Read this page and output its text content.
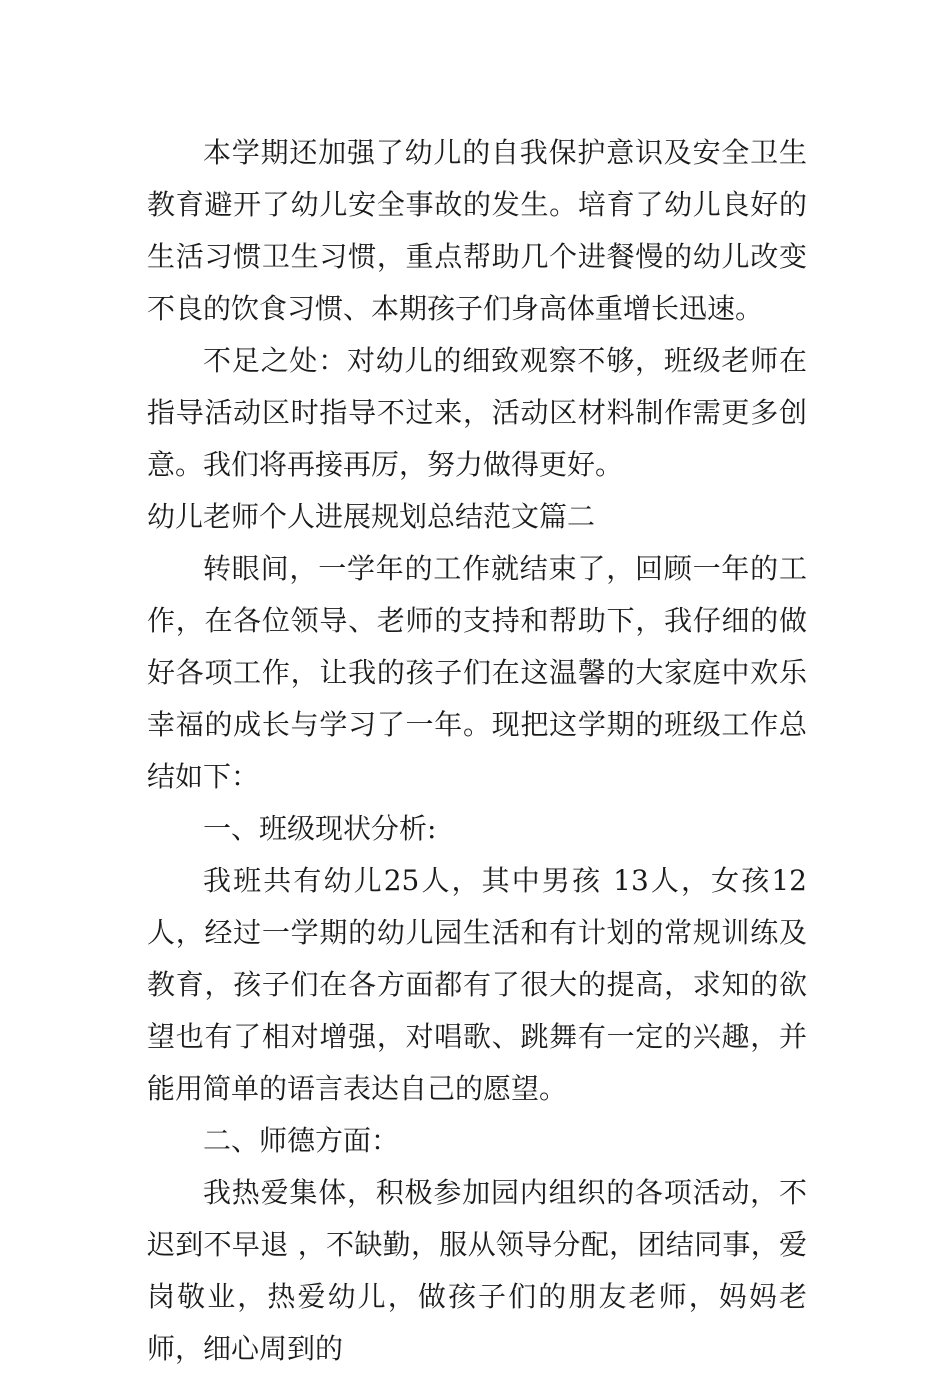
本学期还加强了幼儿的自我保护意识及安全卫生教育避开了幼儿安全事故的发生。培育了幼儿良好的生活习惯卫生习惯，重点帮助几个进餐慢的幼儿改变不良的饮食习惯、本期孩子们身高体重增长迅速。

不足之处：对幼儿的细致观察不够，班级老师在指导活动区时指导不过来，活动区材料制作需更多创意。我们将再接再厉，努力做得更好。

幼儿老师个人进展规划总结范文篇二

转眼间，一学年的工作就结束了，回顾一年的工作，在各位领导、老师的支持和帮助下，我仔细的做好各项工作，让我的孩子们在这温馨的大家庭中欢乐幸福的成长与学习了一年。现把这学期的班级工作总结如下：

一、班级现状分析:

我班共有幼儿25人，其中男孩 13人，女孩12人，经过一学期的幼儿园生活和有计划的常规训练及教育，孩子们在各方面都有了很大的提高，求知的欲望也有了相对增强，对唱歌、跳舞有一定的兴趣，并能用简单的语言表达自己的愿望。

二、师德方面：

我热爱集体，积极参加园内组织的各项活动，不迟到不早退 ，不缺勤，服从领导分配，团结同事，爱岗敬业，热爱幼儿，做孩子们的朋友老师，妈妈老师，细心周到的
